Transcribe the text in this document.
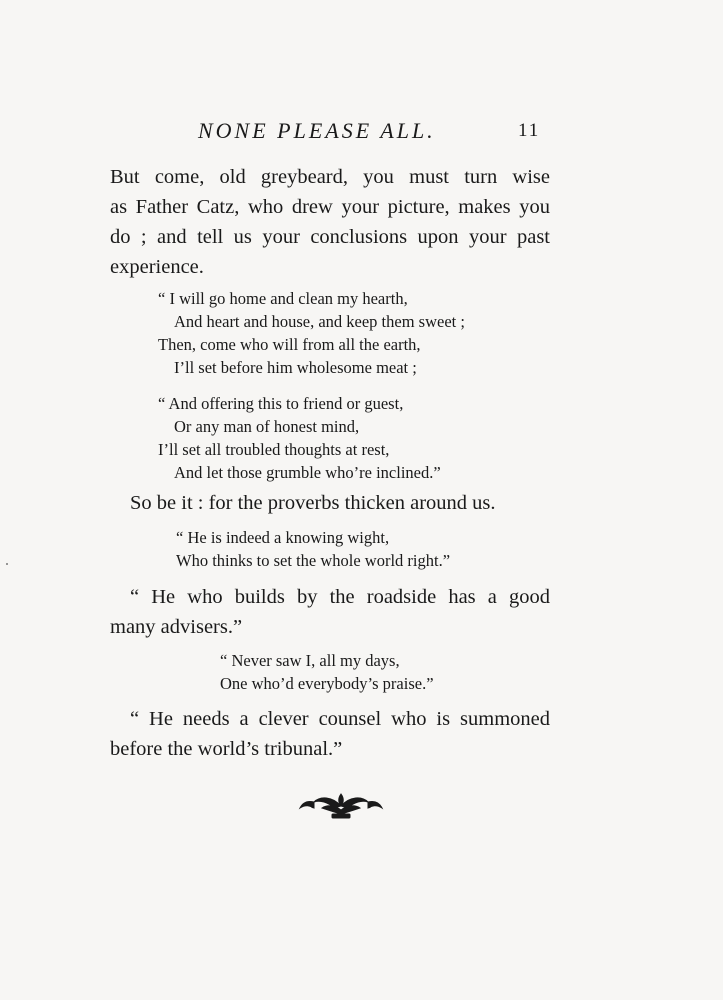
NONE PLEASE ALL.	11
But come, old greybeard, you must turn wise
as Father Catz, who drew your picture, makes you
do ; and tell us your conclusions upon your past
experience.
“ I will go home and clean my hearth,
And heart and house, and keep them sweet ;
Then, come who will from all the earth,
I’ll set before him wholesome meat ;
“ And offering this to friend or guest,
Or any man of honest mind,
I’ll set all troubled thoughts at rest,
And let those grumble who’re inclined.”
So be it : for the proverbs thicken around us.
“ He is indeed a knowing wight,
Who thinks to set the whole world right.”
“ He who builds by the roadside has a good
many advisers.”
“ Never saw I, all my days,
One who’d everybody’s praise.”
“ He needs a clever counsel who is summoned
before the world’s tribunal.”
